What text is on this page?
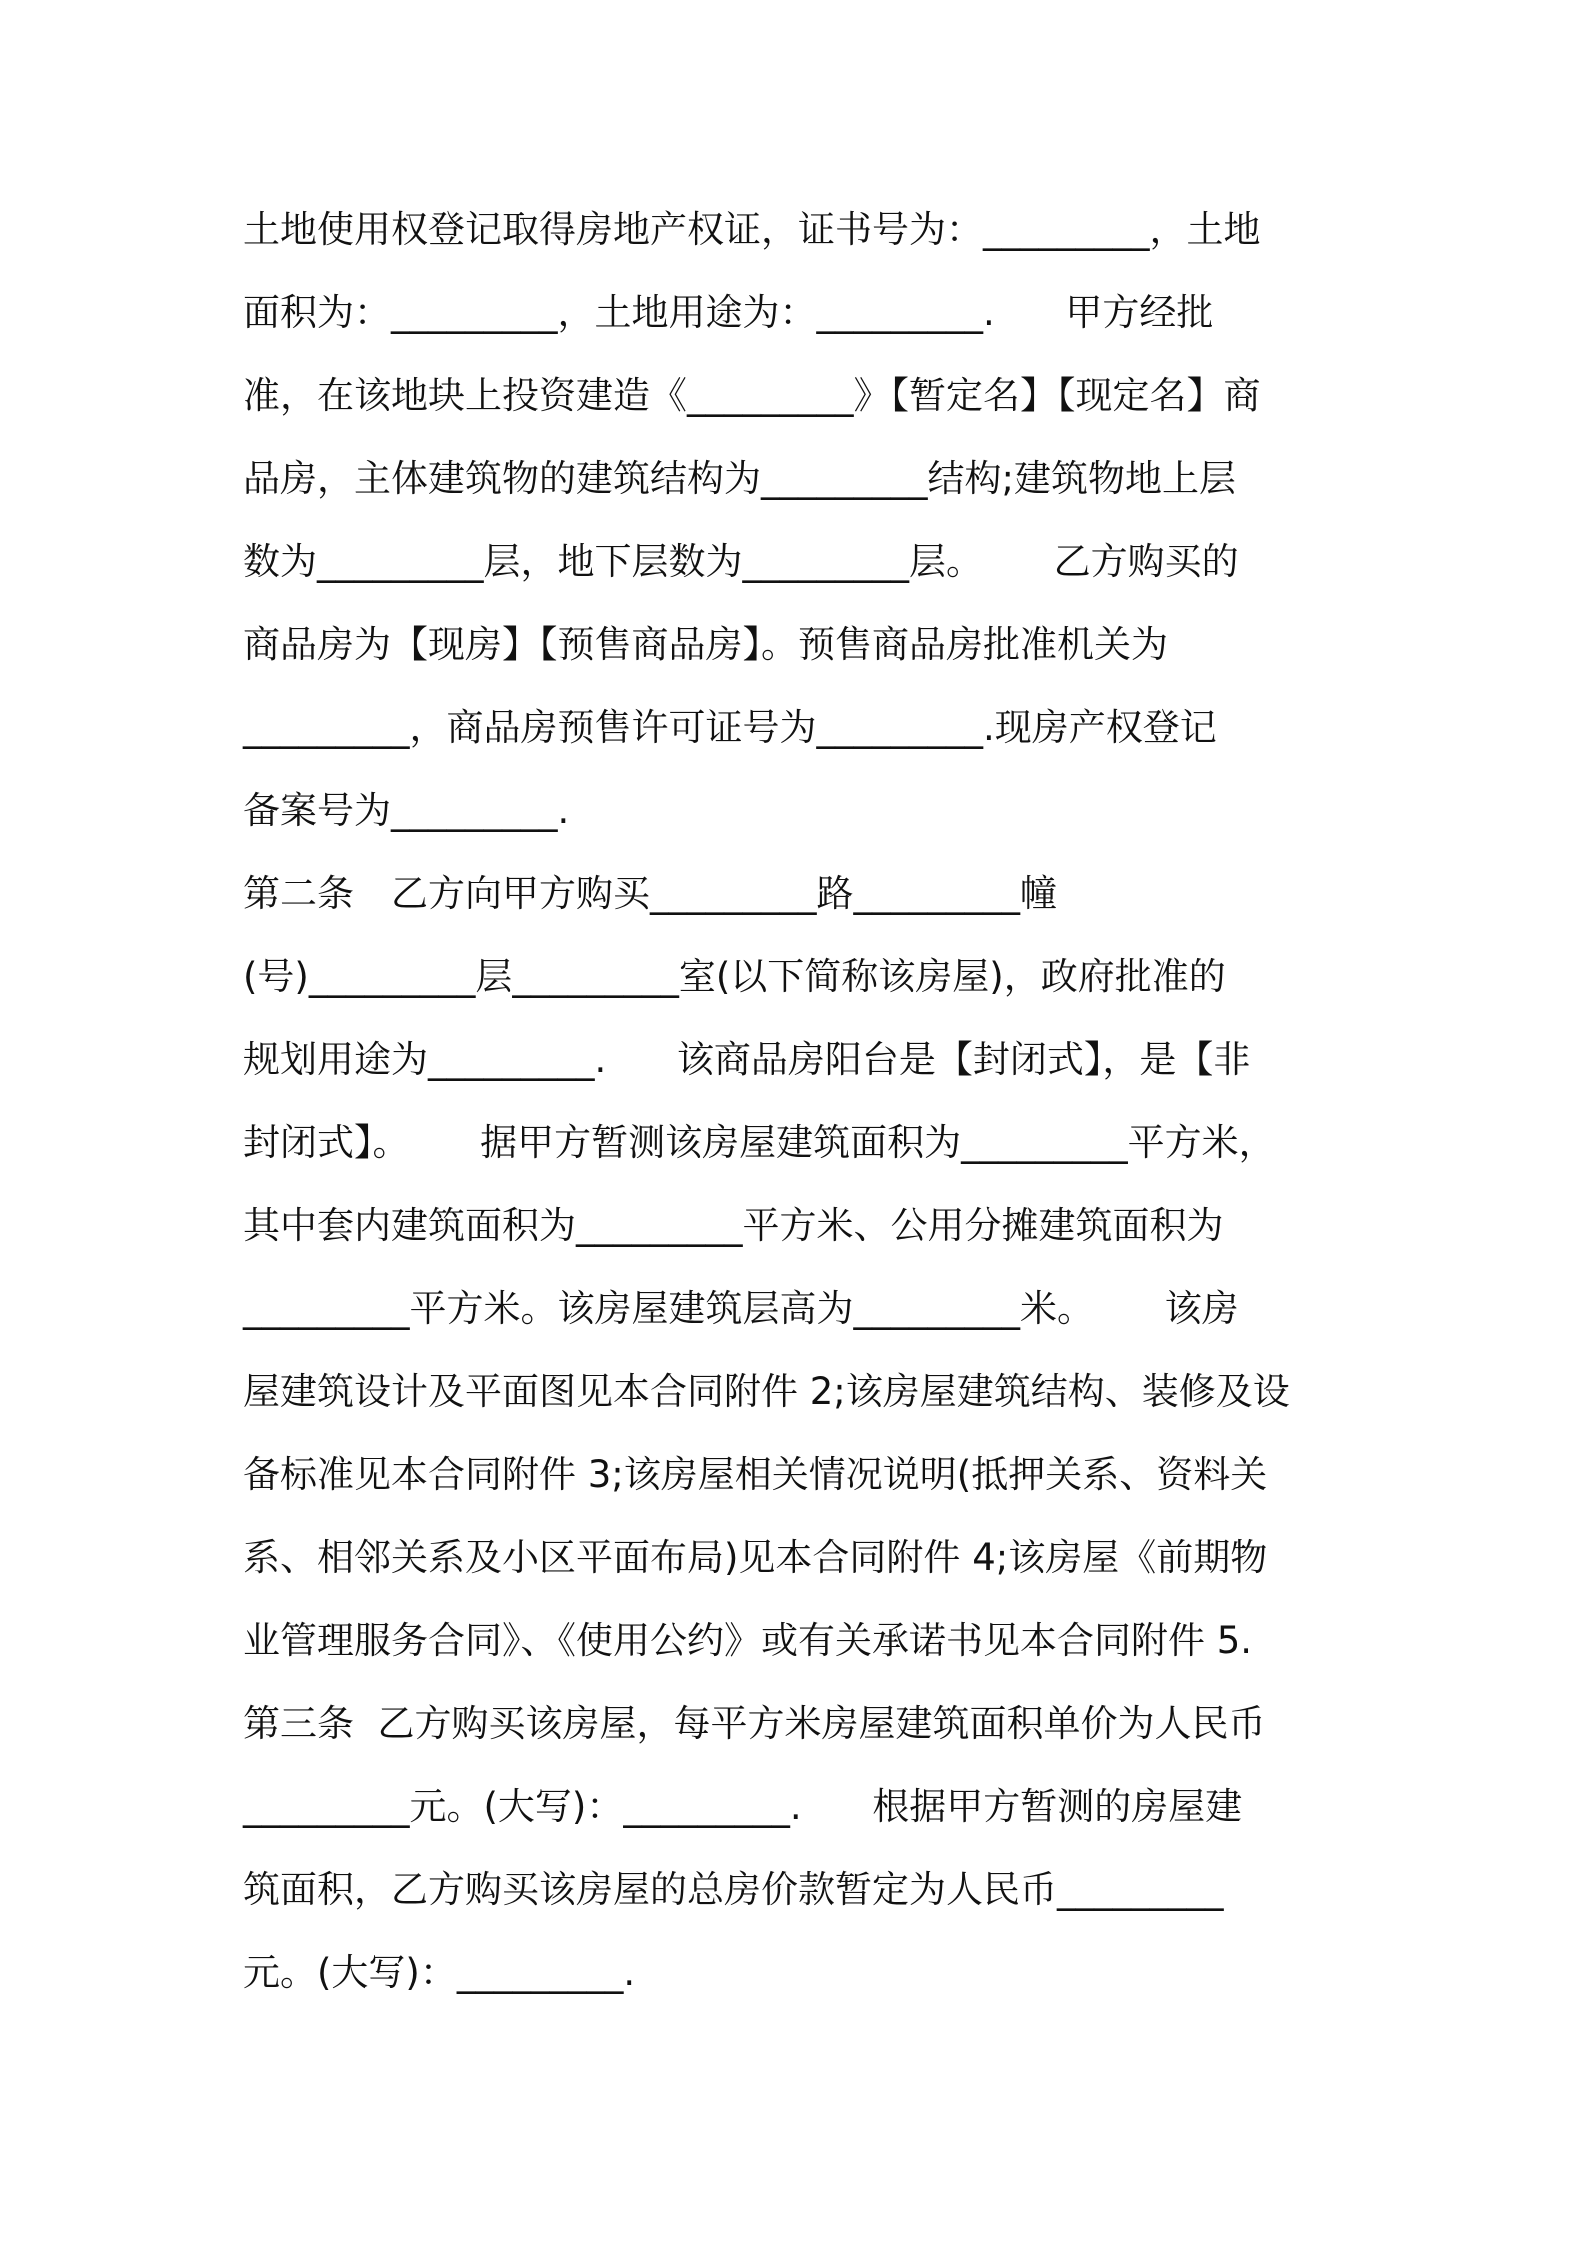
土地使用权登记取得房地产权证，证书号为：_________，土地
面积为：_________，土地用途为：_________.      甲方经批
准，在该地块上投资建造《_________》【暂定名】【现定名】商
品房，主体建筑物的建筑结构为_________结构;建筑物地上层
数为_________层，地下层数为_________层。      乙方购买的
商品房为【现房】【预售商品房】。预售商品房批准机关为
_________，商品房预售许可证号为_________.现房产权登记
备案号为_________.
第二条　乙方向甲方购买_________路_________幢
(号)_________层_________室(以下简称该房屋)，政府批准的
规划用途为_________.      该商品房阳台是【封闭式】，是【非
封闭式】。      据甲方暂测该房屋建筑面积为_________平方米，
其中套内建筑面积为_________平方米、公用分摊建筑面积为
_________平方米。该房屋建筑层高为_________米。      该房
屋建筑设计及平面图见本合同附件 2;该房屋建筑结构、装修及设
备标准见本合同附件 3;该房屋相关情况说明(抵押关系、资料关
系、相邻关系及小区平面布局)见本合同附件 4;该房屋《前期物
业管理服务合同》、《使用公约》或有关承诺书见本合同附件 5.
第三条  乙方购买该房屋，每平方米房屋建筑面积单价为人民币
_________元。(大写)：_________.      根据甲方暂测的房屋建
筑面积，乙方购买该房屋的总房价款暂定为人民币_________
元。(大写)：_________.
